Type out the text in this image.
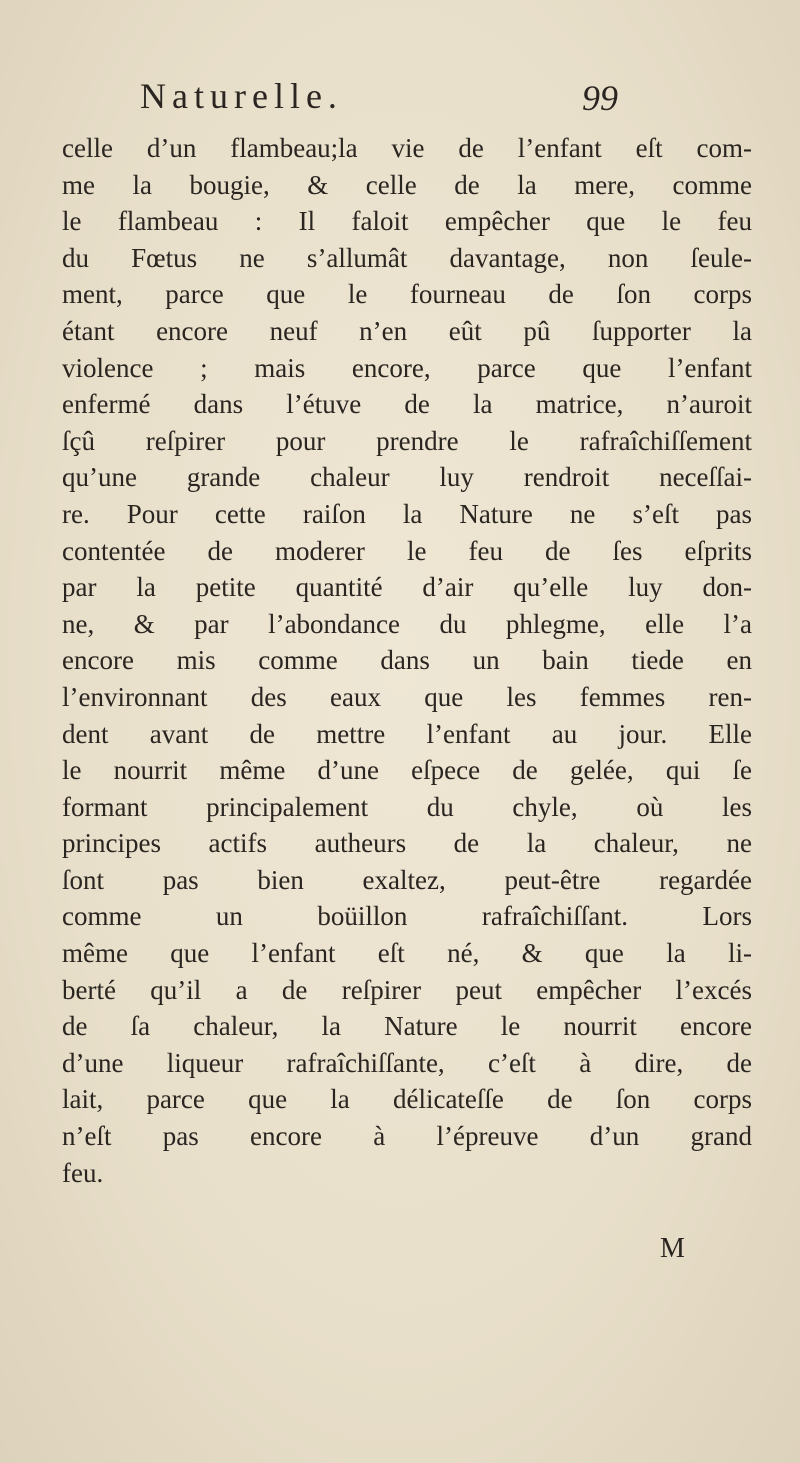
Naturelle.	99
celle d’un flambeau;la vie de l’enfant eſt com-
me la bougie, & celle de la mere, comme
le flambeau : Il faloit empêcher que le feu
du Fœtus ne s’allumât davantage, non ſeule-
ment, parce que le fourneau de ſon corps
étant encore neuf n’en eût pû ſupporter la
violence ; mais encore, parce que l’enfant
enfermé dans l’étuve de la matrice, n’auroit
ſçû reſpirer pour prendre le rafraîchiſſement
qu’une grande chaleur luy rendroit neceſſai-
re. Pour cette raiſon la Nature ne s’eſt pas
contentée de moderer le feu de ſes eſprits
par la petite quantité d’air qu’elle luy don-
ne, & par l’abondance du phlegme, elle l’a
encore mis comme dans un bain tiede en
l’environnant des eaux que les femmes ren-
dent avant de mettre l’enfant au jour. Elle
le nourrit même d’une eſpece de gelée, qui ſe
formant principalement du chyle, où les
principes actifs autheurs de la chaleur, ne
ſont pas bien exaltez, peut-être regardée
comme un boüillon rafraîchiſſant. Lors
même que l’enfant eſt né, & que la li-
berté qu’il a de reſpirer peut empêcher l’excés
de ſa chaleur, la Nature le nourrit encore
d’une liqueur rafraîchiſſante, c’eſt à dire, de
lait, parce que la délicateſſe de ſon corps
n’eſt pas encore à l’épreuve d’un grand
feu.
M
